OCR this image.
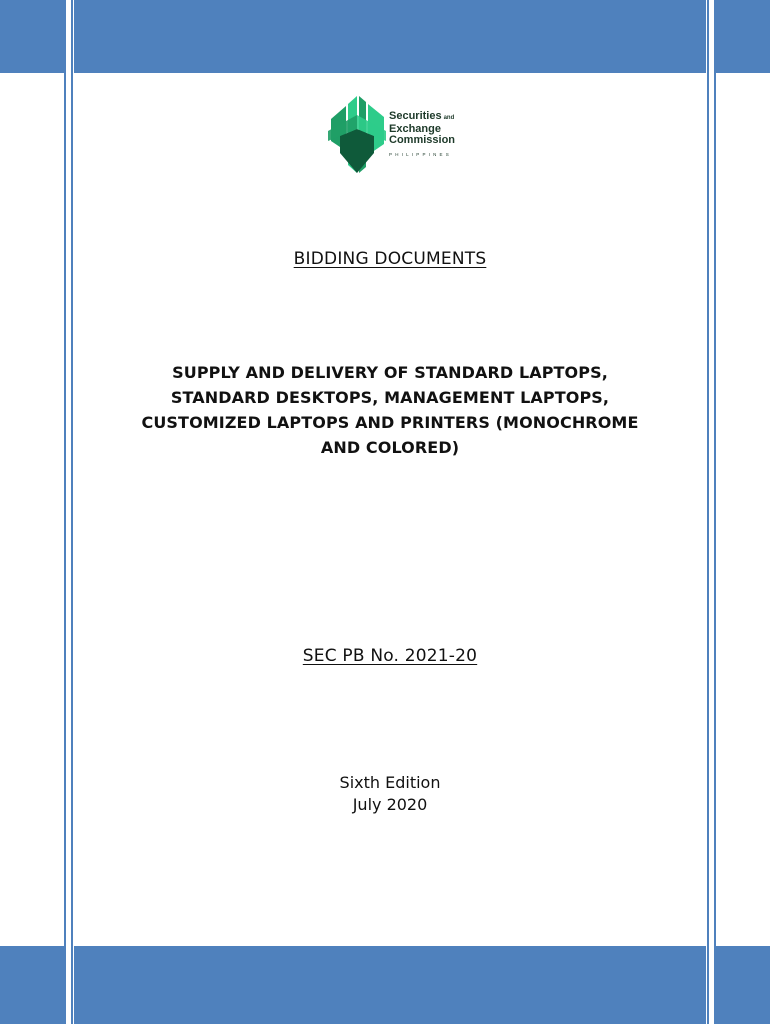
Securities and
Exchange
Commission
PHILIPPINES
BIDDING DOCUMENTS
SUPPLY AND DELIVERY OF STANDARD LAPTOPS,
STANDARD DESKTOPS, MANAGEMENT LAPTOPS,
CUSTOMIZED LAPTOPS AND PRINTERS (MONOCHROME
AND COLORED)
SEC PB No. 2021-20
Sixth Edition
July 2020
